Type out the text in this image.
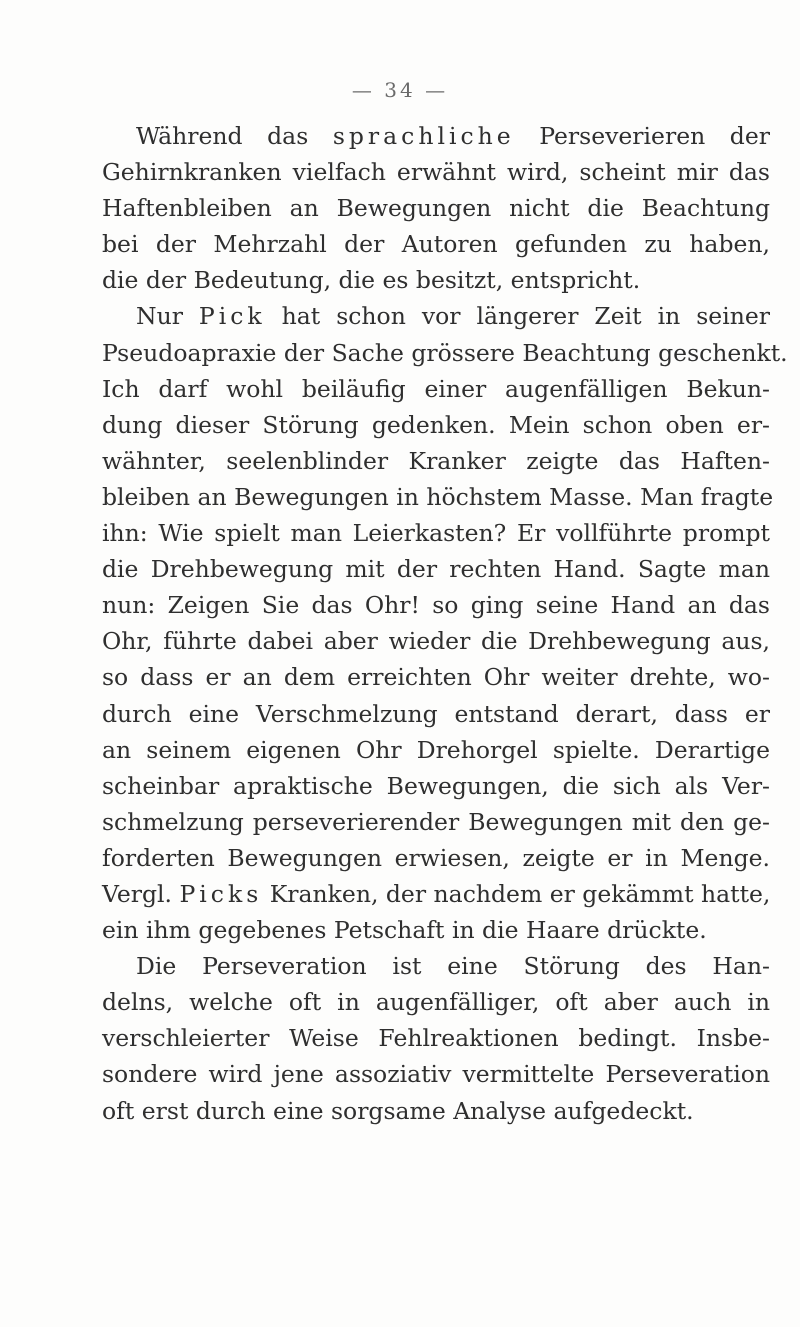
— 34 —
Während das sprachliche Perseverieren der
Gehirnkranken vielfach erwähnt wird, scheint mir das
Haftenbleiben an Bewegungen nicht die Beachtung
bei der Mehrzahl der Autoren gefunden zu haben,
die der Bedeutung, die es besitzt, entspricht.
Nur Pick hat schon vor längerer Zeit in seiner
Pseudoapraxie der Sache grössere Beachtung geschenkt.
Ich darf wohl beiläufig einer augenfälligen Bekun-
dung dieser Störung gedenken. Mein schon oben er-
wähnter, seelenblinder Kranker zeigte das Haften-
bleiben an Bewegungen in höchstem Masse. Man fragte
ihn: Wie spielt man Leierkasten? Er vollführte prompt
die Drehbewegung mit der rechten Hand. Sagte man
nun: Zeigen Sie das Ohr! so ging seine Hand an das
Ohr, führte dabei aber wieder die Drehbewegung aus,
so dass er an dem erreichten Ohr weiter drehte, wo-
durch eine Verschmelzung entstand derart, dass er
an seinem eigenen Ohr Drehorgel spielte. Derartige
scheinbar apraktische Bewegungen, die sich als Ver-
schmelzung perseverierender Bewegungen mit den ge-
forderten Bewegungen erwiesen, zeigte er in Menge.
Vergl. Picks Kranken, der nachdem er gekämmt hatte,
ein ihm gegebenes Petschaft in die Haare drückte.
Die Perseveration ist eine Störung des Han-
delns, welche oft in augenfälliger, oft aber auch in
verschleierter Weise Fehlreaktionen bedingt. Insbe-
sondere wird jene assoziativ vermittelte Perseveration
oft erst durch eine sorgsame Analyse aufgedeckt.
